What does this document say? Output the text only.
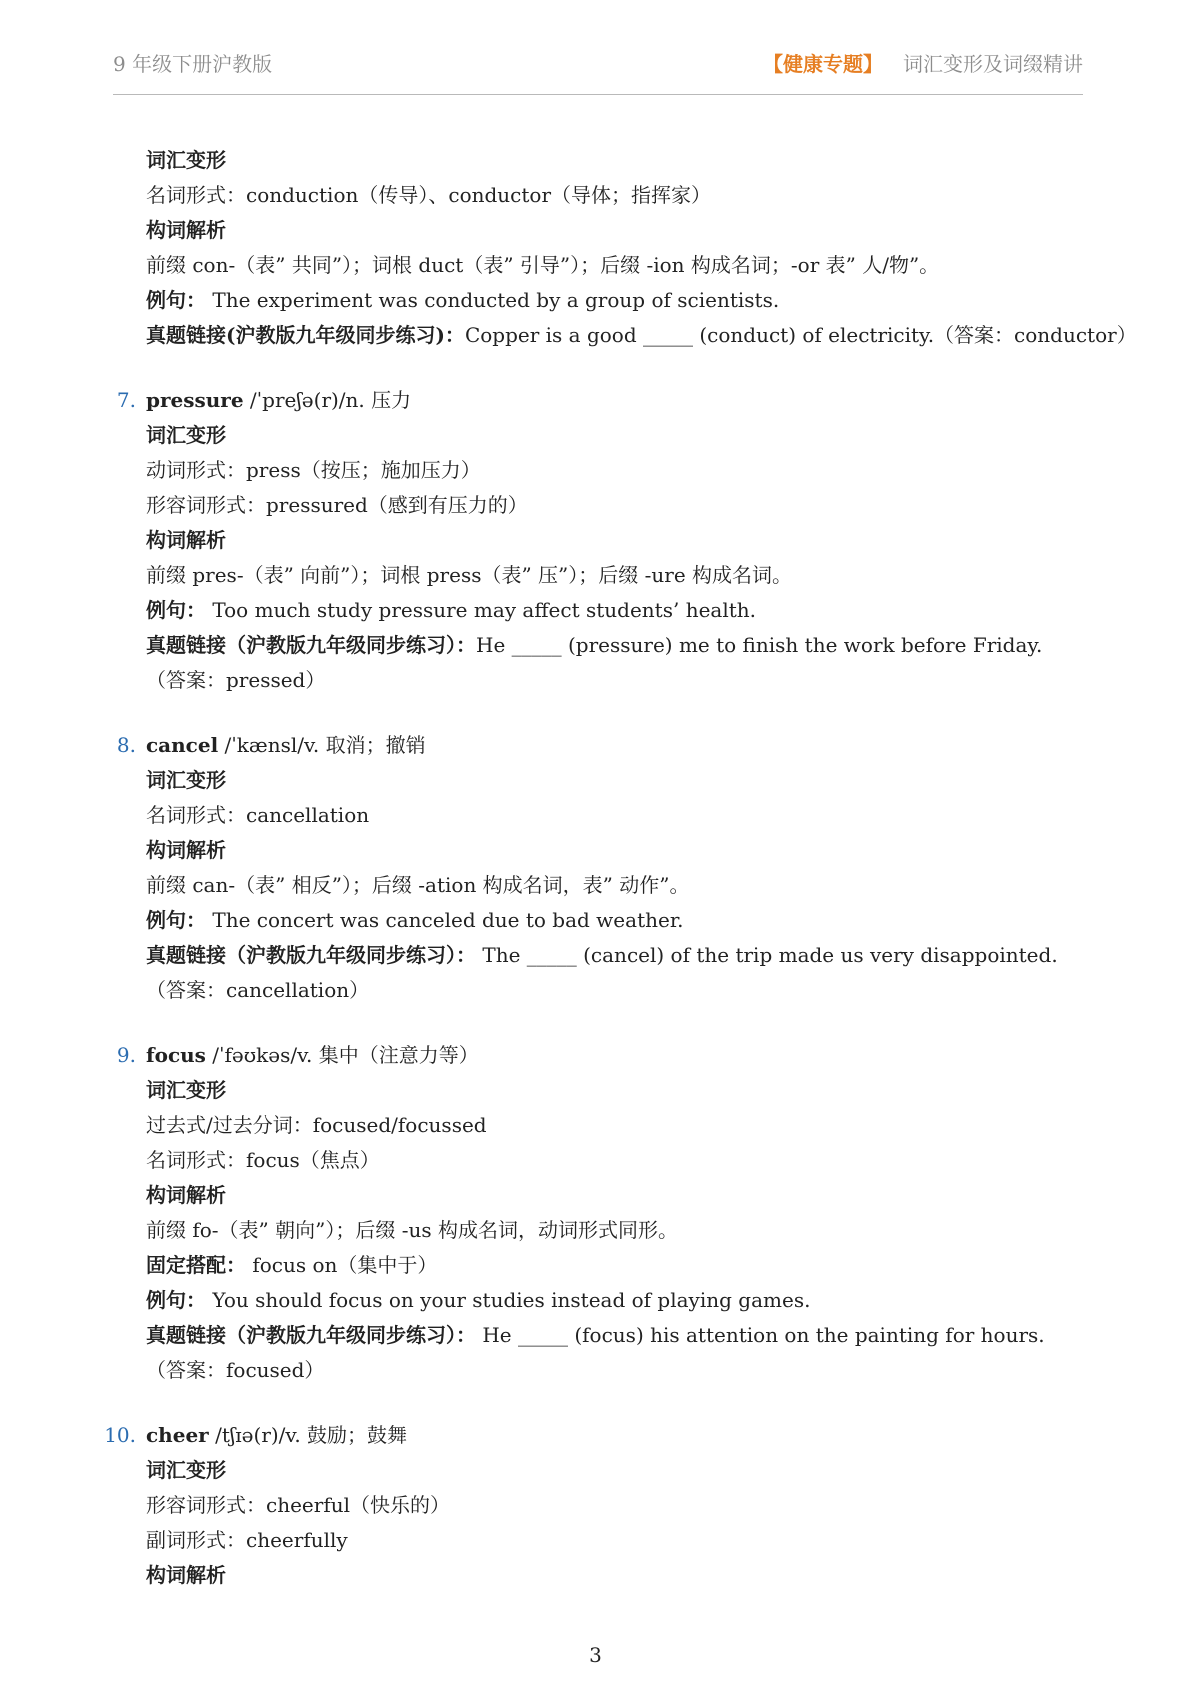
9 年级下册沪教版	【健康专题】 词汇变形及词缀精讲
词汇变形
名词形式：conduction（传导）、conductor（导体；指挥家）
构词解析
前缀 con-（表” 共同”）；词根 duct（表” 引导”）；后缀 -ion 构成名词；-or 表” 人/物”。
例句： The experiment was conducted by a group of scientists.
真题链接(沪教版九年级同步练习)：Copper is a good _____ (conduct) of electricity.（答案：conductor）
7. pressure /ˈpreʃə(r)/n. 压力
词汇变形
动词形式：press（按压；施加压力）
形容词形式：pressured（感到有压力的）
构词解析
前缀 pres-（表” 向前”）；词根 press（表” 压”）；后缀 -ure 构成名词。
例句： Too much study pressure may affect students’ health.
真题链接（沪教版九年级同步练习）：He _____ (pressure) me to finish the work before Friday. （答案：pressed）
8. cancel /ˈkænsl/v. 取消；撤销
词汇变形
名词形式：cancellation
构词解析
前缀 can-（表” 相反”）；后缀 -ation 构成名词，表” 动作”。
例句： The concert was canceled due to bad weather.
真题链接（沪教版九年级同步练习）： The _____ (cancel) of the trip made us very disappointed. （答案：cancellation）
9. focus /ˈfəʊkəs/v. 集中（注意力等）
词汇变形
过去式/过去分词：focused/focussed
名词形式：focus（焦点）
构词解析
前缀 fo-（表” 朝向”）；后缀 -us 构成名词，动词形式同形。
固定搭配： focus on（集中于）
例句： You should focus on your studies instead of playing games.
真题链接（沪教版九年级同步练习）： He _____ (focus) his attention on the painting for hours. （答案：focused）
10. cheer /tʃɪə(r)/v. 鼓励；鼓舞
词汇变形
形容词形式：cheerful（快乐的）
副词形式：cheerfully
构词解析
3
